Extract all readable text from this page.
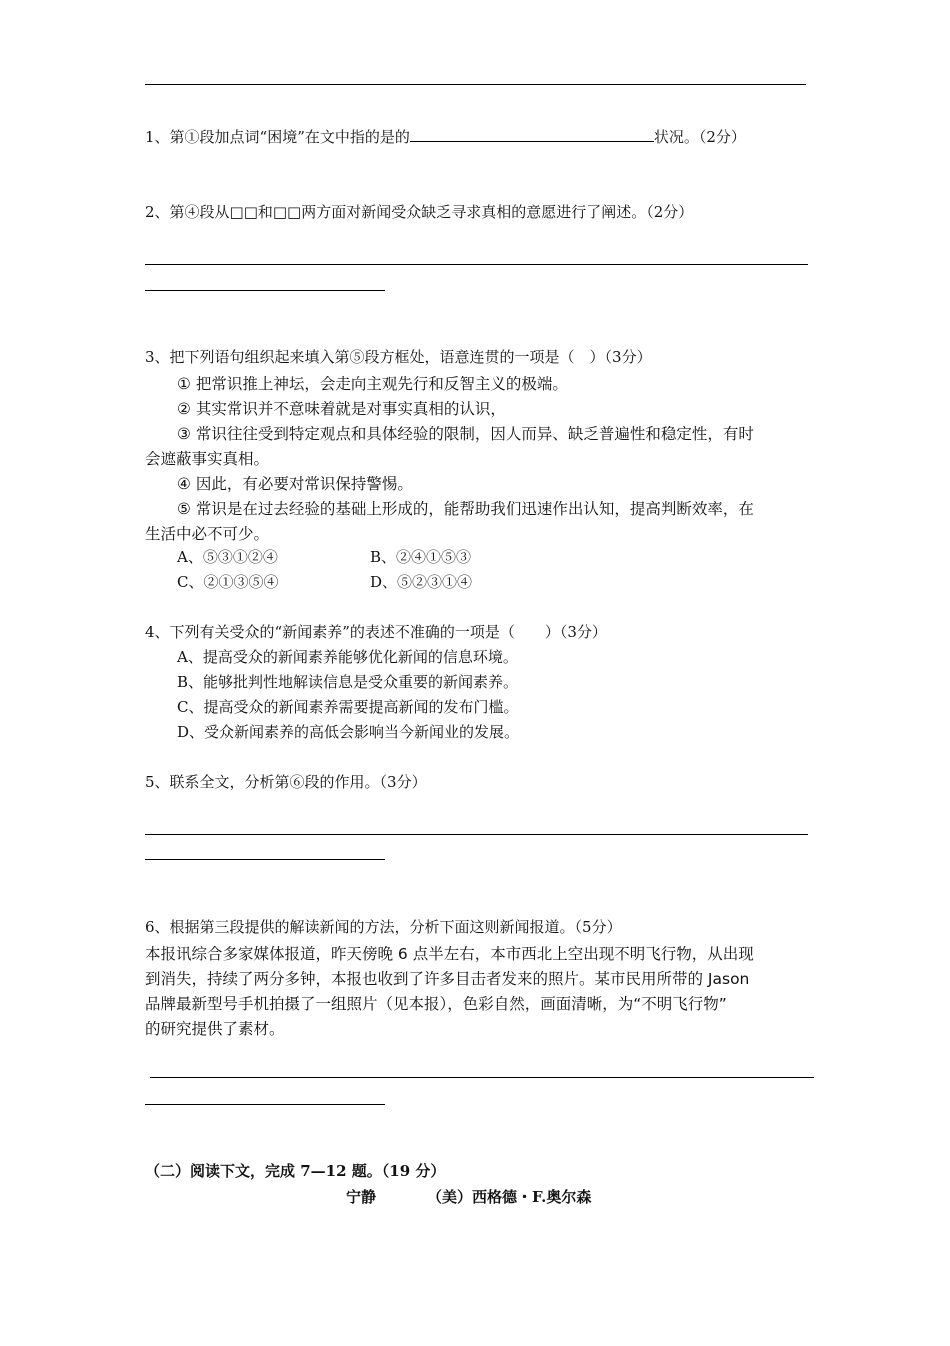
1、第①段加点词“困境”在文中指的是的	状况。（2分）
2、第④段从□□和□□两方面对新闻受众缺乏寻求真相的意愿进行了阐述。（2分）
3、把下列语句组织起来填入第⑤段方框处，语意连贯的一项是（　）（3分）
① 把常识推上神坛，会走向主观先行和反智主义的极端。
② 其实常识并不意味着就是对事实真相的认识，
③ 常识往往受到特定观点和具体经验的限制，因人而异、缺乏普遍性和稳定性，有时
会遮蔽事实真相。
④ 因此，有必要对常识保持警惕。
⑤ 常识是在过去经验的基础上形成的，能帮助我们迅速作出认知，提高判断效率，在
生活中必不可少。
A、⑤③①②④	B、②④①⑤③
C、②①③⑤④	D、⑤②③①④
4、下列有关受众的“新闻素养”的表述不准确的一项是（　　）（3分）
A、提高受众的新闻素养能够优化新闻的信息环境。
B、能够批判性地解读信息是受众重要的新闻素养。
C、提高受众的新闻素养需要提高新闻的发布门槛。
D、受众新闻素养的高低会影响当今新闻业的发展。
5、联系全文，分析第⑥段的作用。（3分）
6、根据第三段提供的解读新闻的方法，分析下面这则新闻报道。（5分）
本报讯综合多家媒体报道，昨天傍晚 6 点半左右，本市西北上空出现不明飞行物，从出现
到消失，持续了两分多钟，本报也收到了许多目击者发来的照片。某市民用所带的 Jason
品牌最新型号手机拍摄了一组照片（见本报），色彩自然，画面清晰，为“不明飞行物”
的研究提供了素材。
（二）阅读下文，完成 7—12 题。（19 分）
宁静	（美）西格德・F.奥尔森
